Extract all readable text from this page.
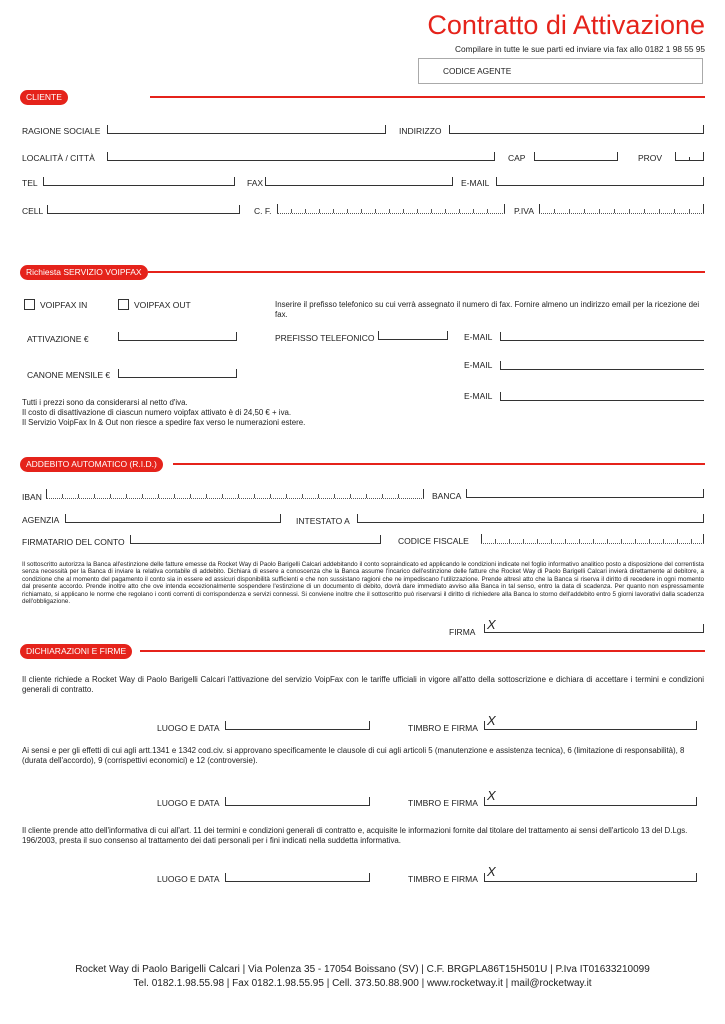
Contratto di Attivazione
Compilare in tutte le sue parti ed inviare via fax allo 0182 1 98 55 95
CODICE AGENTE
CLIENTE
RAGIONE SOCIALE	INDIRIZZO
LOCALITÀ / CITTÀ	CAP	PROV
TEL	FAX	E-MAIL
CELL	C. F.	P.IVA
Richiesta SERVIZIO VOIPFAX
VOIPFAX IN	VOIPFAX OUT	Inserire il prefisso telefonico su cui verrà assegnato il numero di fax. Fornire almeno un indirizzo email per la ricezione dei fax.
ATTIVAZIONE €	PREFISSO TELEFONICO	E-MAIL
E-MAIL
CANONE MENSILE €
E-MAIL
Tutti i prezzi sono da considerarsi al netto d'iva.
Il costo di disattivazione di ciascun numero voipfax attivato è di 24,50 € + iva.
Il Servizio VoipFax In & Out non riesce a spedire fax verso le numerazioni estere.
ADDEBITO AUTOMATICO (R.I.D.)
IBAN	BANCA
AGENZIA	INTESTATO A
FIRMATARIO DEL CONTO	CODICE FISCALE
Il sottoscritto autorizza la Banca all'estinzione delle fatture emesse da Rocket Way di Paolo Barigelli Calcari addebitando il conto sopraindicato ed applicando le condizioni indicate nel foglio informativo analitico posto a disposizione del correntista senza necessità per la Banca di inviare la relativa contabile di addebito. Dichiara di essere a conoscenza che la Banca assume l'incarico dell'estinzione delle fatture che Rocket Way di Paolo Barigelli Calcari invierà direttamente al debitore, a condizione che al momento del pagamento il conto sia in essere ed assicuri disponibilità sufficienti e che non sussistano ragioni che ne impediscano l'utilizzazione. Prende altresì atto che la Banca si riserva il diritto di recedere in ogni momento dal presente accordo. Prende inoltre atto che ove intenda eccezionalmente sospendere l'estinzione di un documento di debito, dovrà dare immediato avviso alla Banca in tal senso, entro la data di scadenza. Per quanto non espressamente richiamato, si applicano le norme che regolano i conti correnti di corrispondenza e servizi connessi. Si conviene inoltre che il sottoscritto può riservarsi il diritto di richiedere alla Banca lo storno dell'addebito entro 5 giorni lavorativi dalla scadenza dell'obbligazione.
FIRMA X
DICHIARAZIONI E FIRME
Il cliente richiede a Rocket Way di Paolo Barigelli Calcari l'attivazione del servizio VoipFax con le tariffe ufficiali in vigore all'atto della sottoscrizione e dichiara di accettare i termini e condizioni generali di contratto.
LUOGO E DATA	TIMBRO E FIRMA X
Ai sensi e per gli effetti di cui agli artt.1341 e 1342 cod.civ. si approvano specificamente le clausole di cui agli articoli 5 (manutenzione e assistenza tecnica), 6 (limitazione di responsabilità), 8 (durata dell'accordo), 9 (corrispettivi economici) e 12 (controversie).
LUOGO E DATA	TIMBRO E FIRMA X
Il cliente prende atto dell'informativa di cui all'art. 11 dei termini e condizioni generali di contratto e, acquisite le informazioni fornite dal titolare del trattamento ai sensi dell'articolo 13 del D.Lgs. 196/2003, presta il suo consenso al trattamento dei dati personali per i fini indicati nella suddetta informativa.
LUOGO E DATA	TIMBRO E FIRMA X
Rocket Way di Paolo Barigelli Calcari | Via Polenza 35 - 17054 Boissano (SV) | C.F. BRGPLA86T15H501U | P.Iva IT01633210099
Tel. 0182.1.98.55.98 | Fax 0182.1.98.55.95 | Cell. 373.50.88.900 | www.rocketway.it | mail@rocketway.it
